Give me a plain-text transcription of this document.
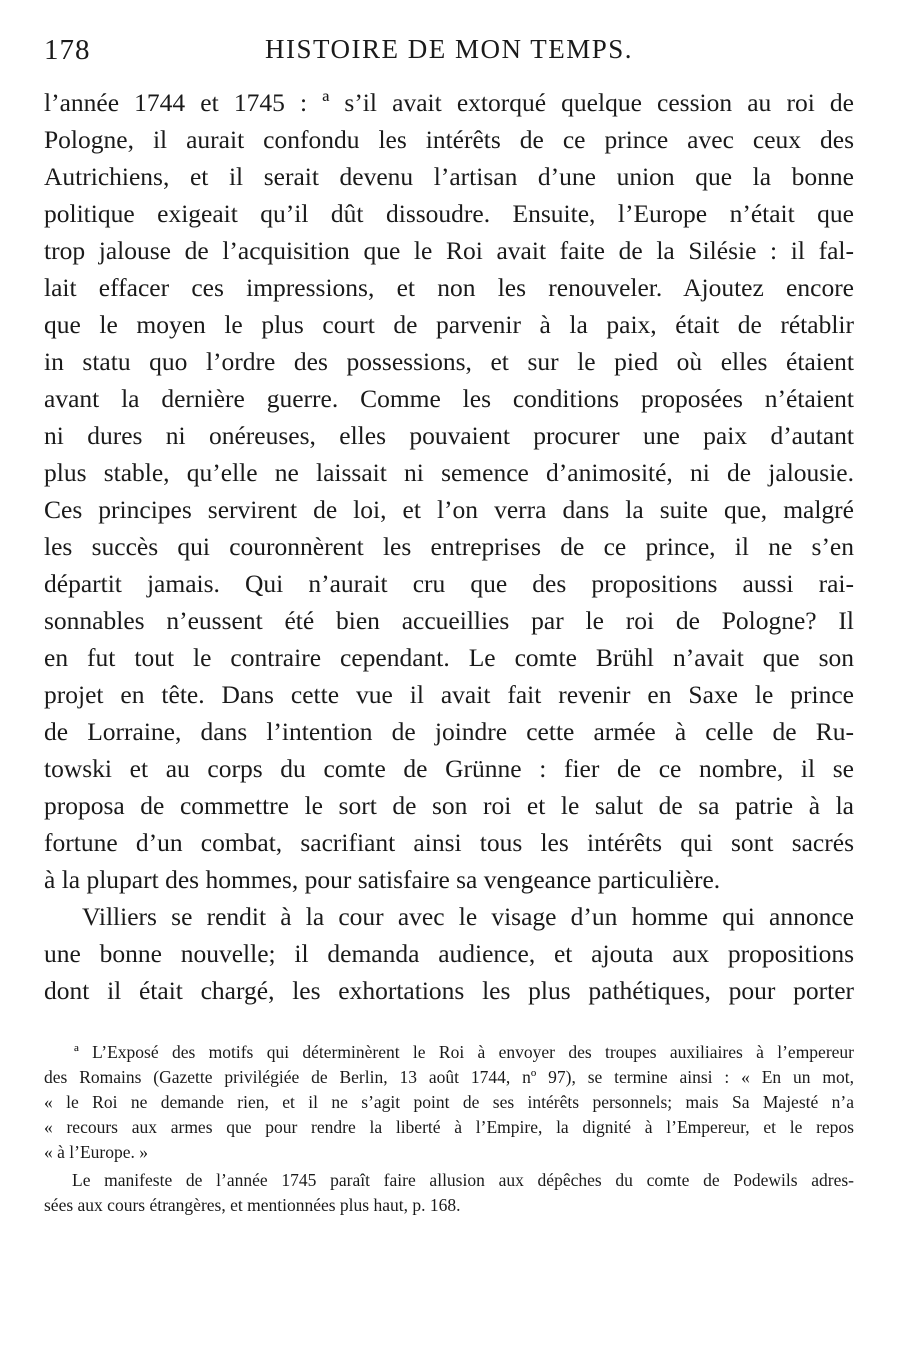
178	HISTOIRE DE MON TEMPS.
l’année 1744 et 1745 : ª s’il avait extorqué quelque cession au roi de
Pologne, il aurait confondu les intérêts de ce prince avec ceux des
Autrichiens, et il serait devenu l’artisan d’une union que la bonne
politique exigeait qu’il dût dissoudre. Ensuite, l’Europe n’était que
trop jalouse de l’acquisition que le Roi avait faite de la Silésie : il fal-
lait effacer ces impressions, et non les renouveler. Ajoutez encore
que le moyen le plus court de parvenir à la paix, était de rétablir
in statu quo l’ordre des possessions, et sur le pied où elles étaient
avant la dernière guerre. Comme les conditions proposées n’étaient
ni dures ni onéreuses, elles pouvaient procurer une paix d’autant
plus stable, qu’elle ne laissait ni semence d’animosité, ni de jalousie.
Ces principes servirent de loi, et l’on verra dans la suite que, malgré
les succès qui couronnèrent les entreprises de ce prince, il ne s’en
départit jamais. Qui n’aurait cru que des propositions aussi rai-
sonnables n’eussent été bien accueillies par le roi de Pologne? Il
en fut tout le contraire cependant. Le comte Brühl n’avait que son
projet en tête. Dans cette vue il avait fait revenir en Saxe le prince
de Lorraine, dans l’intention de joindre cette armée à celle de Ru-
towski et au corps du comte de Grünne : fier de ce nombre, il se
proposa de commettre le sort de son roi et le salut de sa patrie à la
fortune d’un combat, sacrifiant ainsi tous les intérêts qui sont sacrés
à la plupart des hommes, pour satisfaire sa vengeance particulière.
Villiers se rendit à la cour avec le visage d’un homme qui annonce
une bonne nouvelle; il demanda audience, et ajouta aux propositions
dont il était chargé, les exhortations les plus pathétiques, pour porter
ª L’Exposé des motifs qui déterminèrent le Roi à envoyer des troupes auxiliaires à l’empereur
des Romains (Gazette privilégiée de Berlin, 13 août 1744, nº 97), se termine ainsi : « En un mot,
« le Roi ne demande rien, et il ne s’agit point de ses intérêts personnels; mais Sa Majesté n’a
« recours aux armes que pour rendre la liberté à l’Empire, la dignité à l’Empereur, et le repos
« à l’Europe. »
Le manifeste de l’année 1745 paraît faire allusion aux dépêches du comte de Podewils adres-
sées aux cours étrangères, et mentionnées plus haut, p. 168.
